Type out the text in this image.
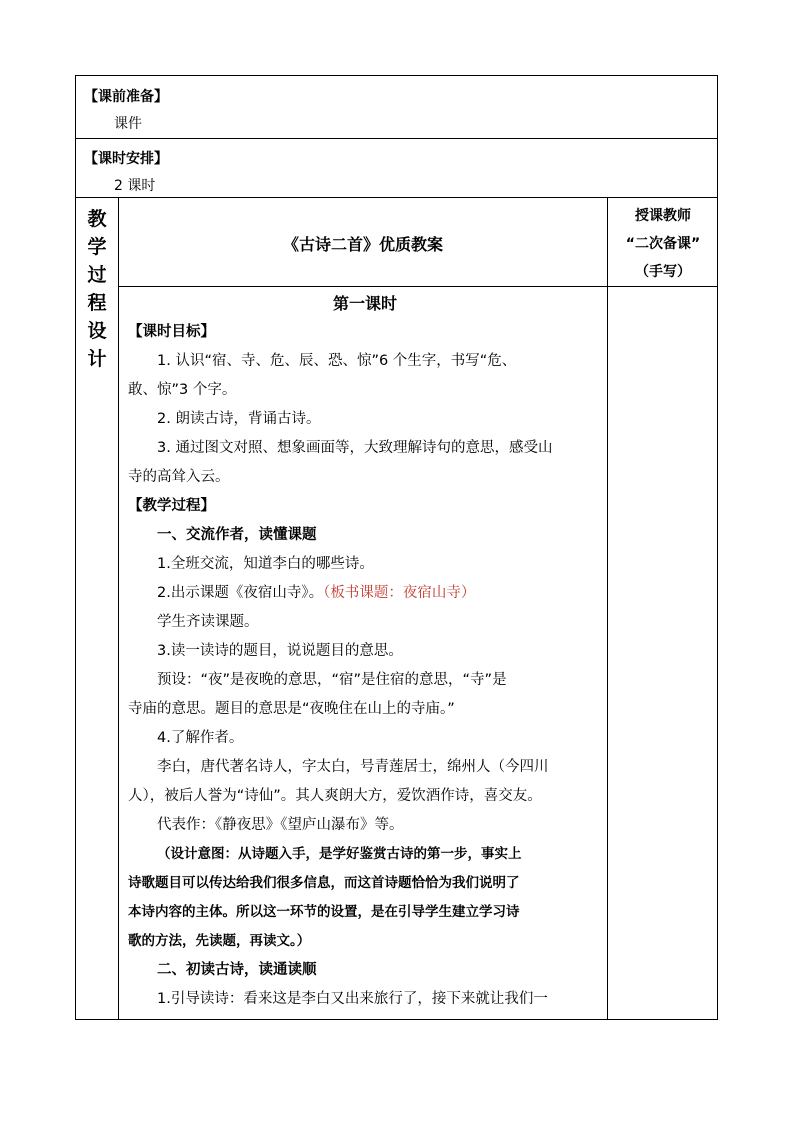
【课前准备】
课件
【课时安排】
2 课时
教
学
过
程
设
计
《古诗二首》优质教案
授课教师
“二次备课”
（手写）
第一课时
【课时目标】
1. 认识“宿、寺、危、辰、恐、惊”6 个生字，书写“危、
敢、惊”3 个字。
2. 朗读古诗，背诵古诗。
3. 通过图文对照、想象画面等，大致理解诗句的意思，感受山
寺的高耸入云。
【教学过程】
一、交流作者，读懂课题
1.全班交流，知道李白的哪些诗。
2.出示课题《夜宿山寺》。（板书课题：夜宿山寺）
学生齐读课题。
3.读一读诗的题目，说说题目的意思。
预设：“夜”是夜晚的意思，“宿”是住宿的意思，“寺”是
寺庙的意思。题目的意思是“夜晚住在山上的寺庙。”
4.了解作者。
李白，唐代著名诗人，字太白，号青莲居士，绵州人（今四川
人），被后人誉为“诗仙”。其人爽朗大方，爱饮酒作诗，喜交友。
代表作：《静夜思》《望庐山瀑布》等。
（设计意图：从诗题入手，是学好鉴赏古诗的第一步，事实上
诗歌题目可以传达给我们很多信息，而这首诗题恰恰为我们说明了
本诗内容的主体。所以这一环节的设置，是在引导学生建立学习诗
歌的方法，先读题，再读文。）
二、初读古诗，读通读顺
1.引导读诗：看来这是李白又出来旅行了，接下来就让我们一
